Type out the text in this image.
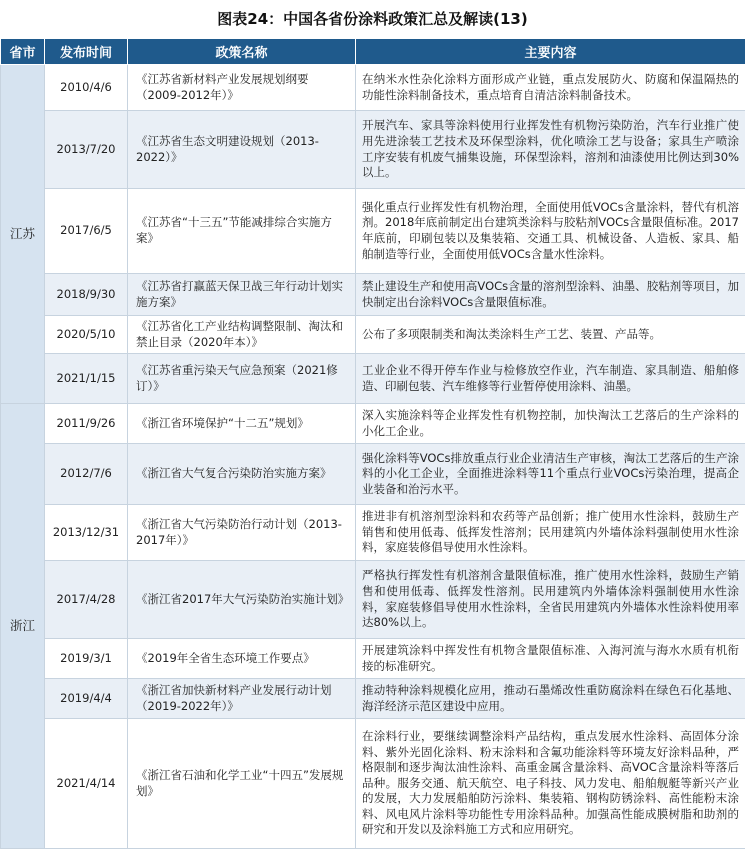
图表24：中国各省份涂料政策汇总及解读(13)
省市	发布时间	政策名称	主要内容
江苏	2010/4/6	《江苏省新材料产业发展规划纲要（2009-2012年）》	在纳米水性杂化涂料方面形成产业链，重点发展防火、防腐和保温隔热的功能性涂料制备技术，重点培育自清洁涂料制备技术。
	2013/7/20	《江苏省生态文明建设规划（2013-2022）》	开展汽车、家具等涂料使用行业挥发性有机物污染防治，汽车行业推广使用先进涂装工艺技术及环保型涂料，优化喷涂工艺与设备；家具生产喷涂工序安装有机废气捕集设施，环保型涂料，溶剂和油漆使用比例达到30%以上。
	2017/6/5	《江苏省“十三五”节能减排综合实施方案》	强化重点行业挥发性有机物治理，全面使用低VOCs含量涂料，替代有机溶剂。2018年底前制定出台建筑类涂料与胶粘剂VOCs含量限值标准。2017年底前，印刷包装以及集装箱、交通工具、机械设备、人造板、家具、船舶制造等行业，全面使用低VOCs含量水性涂料。
	2018/9/30	《江苏省打赢蓝天保卫战三年行动计划实施方案》	禁止建设生产和使用高VOCs含量的溶剂型涂料、油墨、胶粘剂等项目，加快制定出台涂料VOCs含量限值标准。
	2020/5/10	《江苏省化工产业结构调整限制、淘汰和禁止目录（2020年本）》	公布了多项限制类和淘汰类涂料生产工艺、装置、产品等。
	2021/1/15	《江苏省重污染天气应急预案（2021修订）》	工业企业不得开停车作业与检修放空作业，汽车制造、家具制造、船舶修造、印刷包装、汽车维修等行业暂停使用涂料、油墨。
浙江	2011/9/26	《浙江省环境保护“十二五”规划》	深入实施涂料等企业挥发性有机物控制，加快淘汰工艺落后的生产涂料的小化工企业。
	2012/7/6	《浙江省大气复合污染防治实施方案》	强化涂料等VOCs排放重点行业企业清洁生产审核，淘汰工艺落后的生产涂料的小化工企业，全面推进涂料等11个重点行业VOCs污染治理，提高企业装备和治污水平。
	2013/12/31	《浙江省大气污染防治行动计划（2013-2017年）》	推进非有机溶剂型涂料和农药等产品创新；推广使用水性涂料，鼓励生产销售和使用低毒、低挥发性溶剂；民用建筑内外墙体涂料强制使用水性涂料，家庭装修倡导使用水性涂料。
	2017/4/28	《浙江省2017年大气污染防治实施计划》	严格执行挥发性有机溶剂含量限值标准，推广使用水性涂料，鼓励生产销售和使用低毒、低挥发性溶剂。民用建筑内外墙体涂料强制使用水性涂料，家庭装修倡导使用水性涂料，全省民用建筑内外墙体水性涂料使用率达80%以上。
	2019/3/1	《2019年全省生态环境工作要点》	开展建筑涂料中挥发性有机物含量限值标准、入海河流与海水水质有机衔接的标准研究。
	2019/4/4	《浙江省加快新材料产业发展行动计划（2019-2022年）》	推动特种涂料规模化应用，推动石墨烯改性重防腐涂料在绿色石化基地、海洋经济示范区建设中应用。
	2021/4/14	《浙江省石油和化学工业“十四五”发展规划》	在涂料行业，要继续调整涂料产品结构，重点发展水性涂料、高固体分涂料、紫外光固化涂料、粉末涂料和含氟功能涂料等环境友好涂料品种，严格限制和逐步淘汰油性涂料、高重金属含量涂料、高VOC含量涂料等落后品种。服务交通、航天航空、电子科技、风力发电、船舶舰艇等新兴产业的发展，大力发展船舶防污涂料、集装箱、钢构防锈涂料、高性能粉末涂料、风电风片涂料等功能性专用涂料品种。加强高性能成膜树脂和助剂的研究和开发以及涂料施工方式和应用研究。
